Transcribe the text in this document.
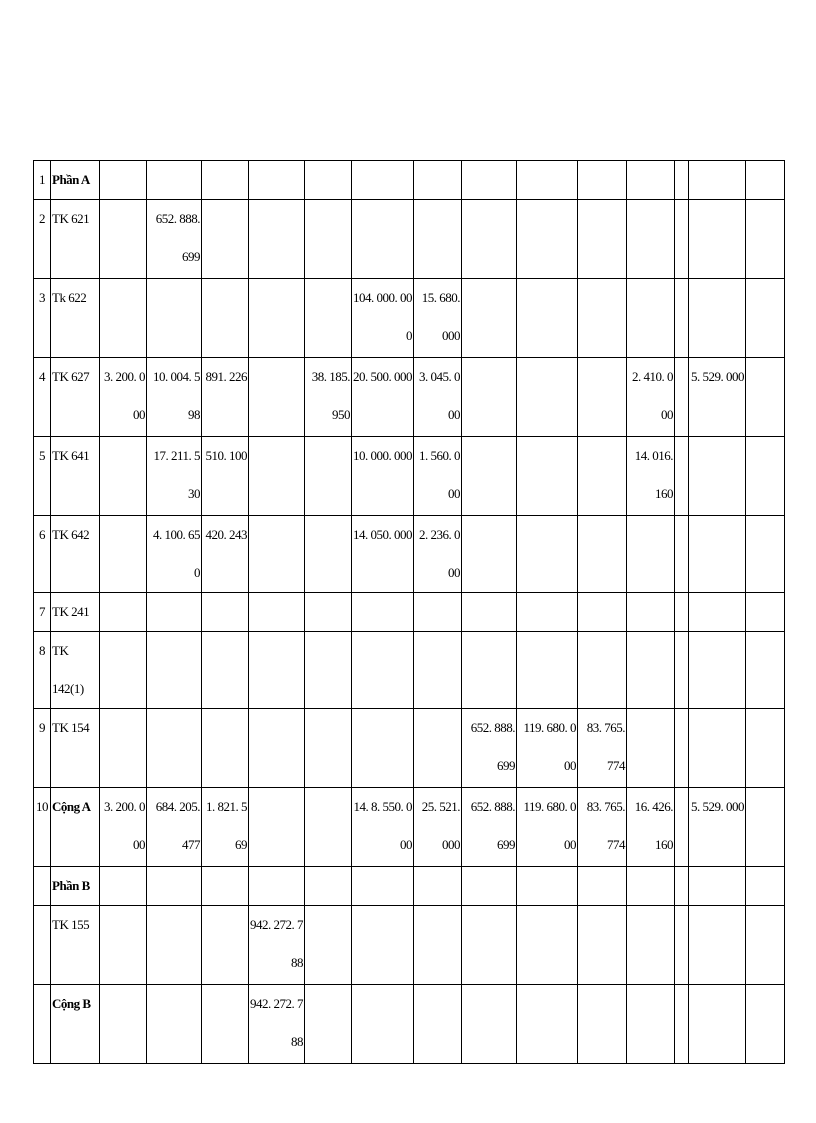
1	Phần A														
2	TK 621		652. 888. 699												
3	Tk 622						104. 000. 000	15. 680. 000							
4	TK 627	3. 200. 000	10. 004. 598	891. 226		38. 185. 950	20. 500. 000	3. 045. 000				2. 410. 000		5. 529. 000	
5	TK 641		17. 211. 530	510. 100			10. 000. 000	1. 560. 000				14. 016. 160			
6	TK 642		4. 100. 650	420. 243			14. 050. 000	2. 236. 000							
7	TK 241														
8	TK 142(1)														
9	TK 154								652. 888. 699	119. 680. 000	83. 765. 774				
10	Cộng A	3. 200. 000	684. 205. 477	1. 821. 569			14. 8. 550. 000	25. 521. 000	652. 888. 699	119. 680. 000	83. 765. 774	16. 426. 160		5. 529. 000	
	Phần B														
	TK 155				942. 272. 788										
	Cộng B				942. 272. 788										
